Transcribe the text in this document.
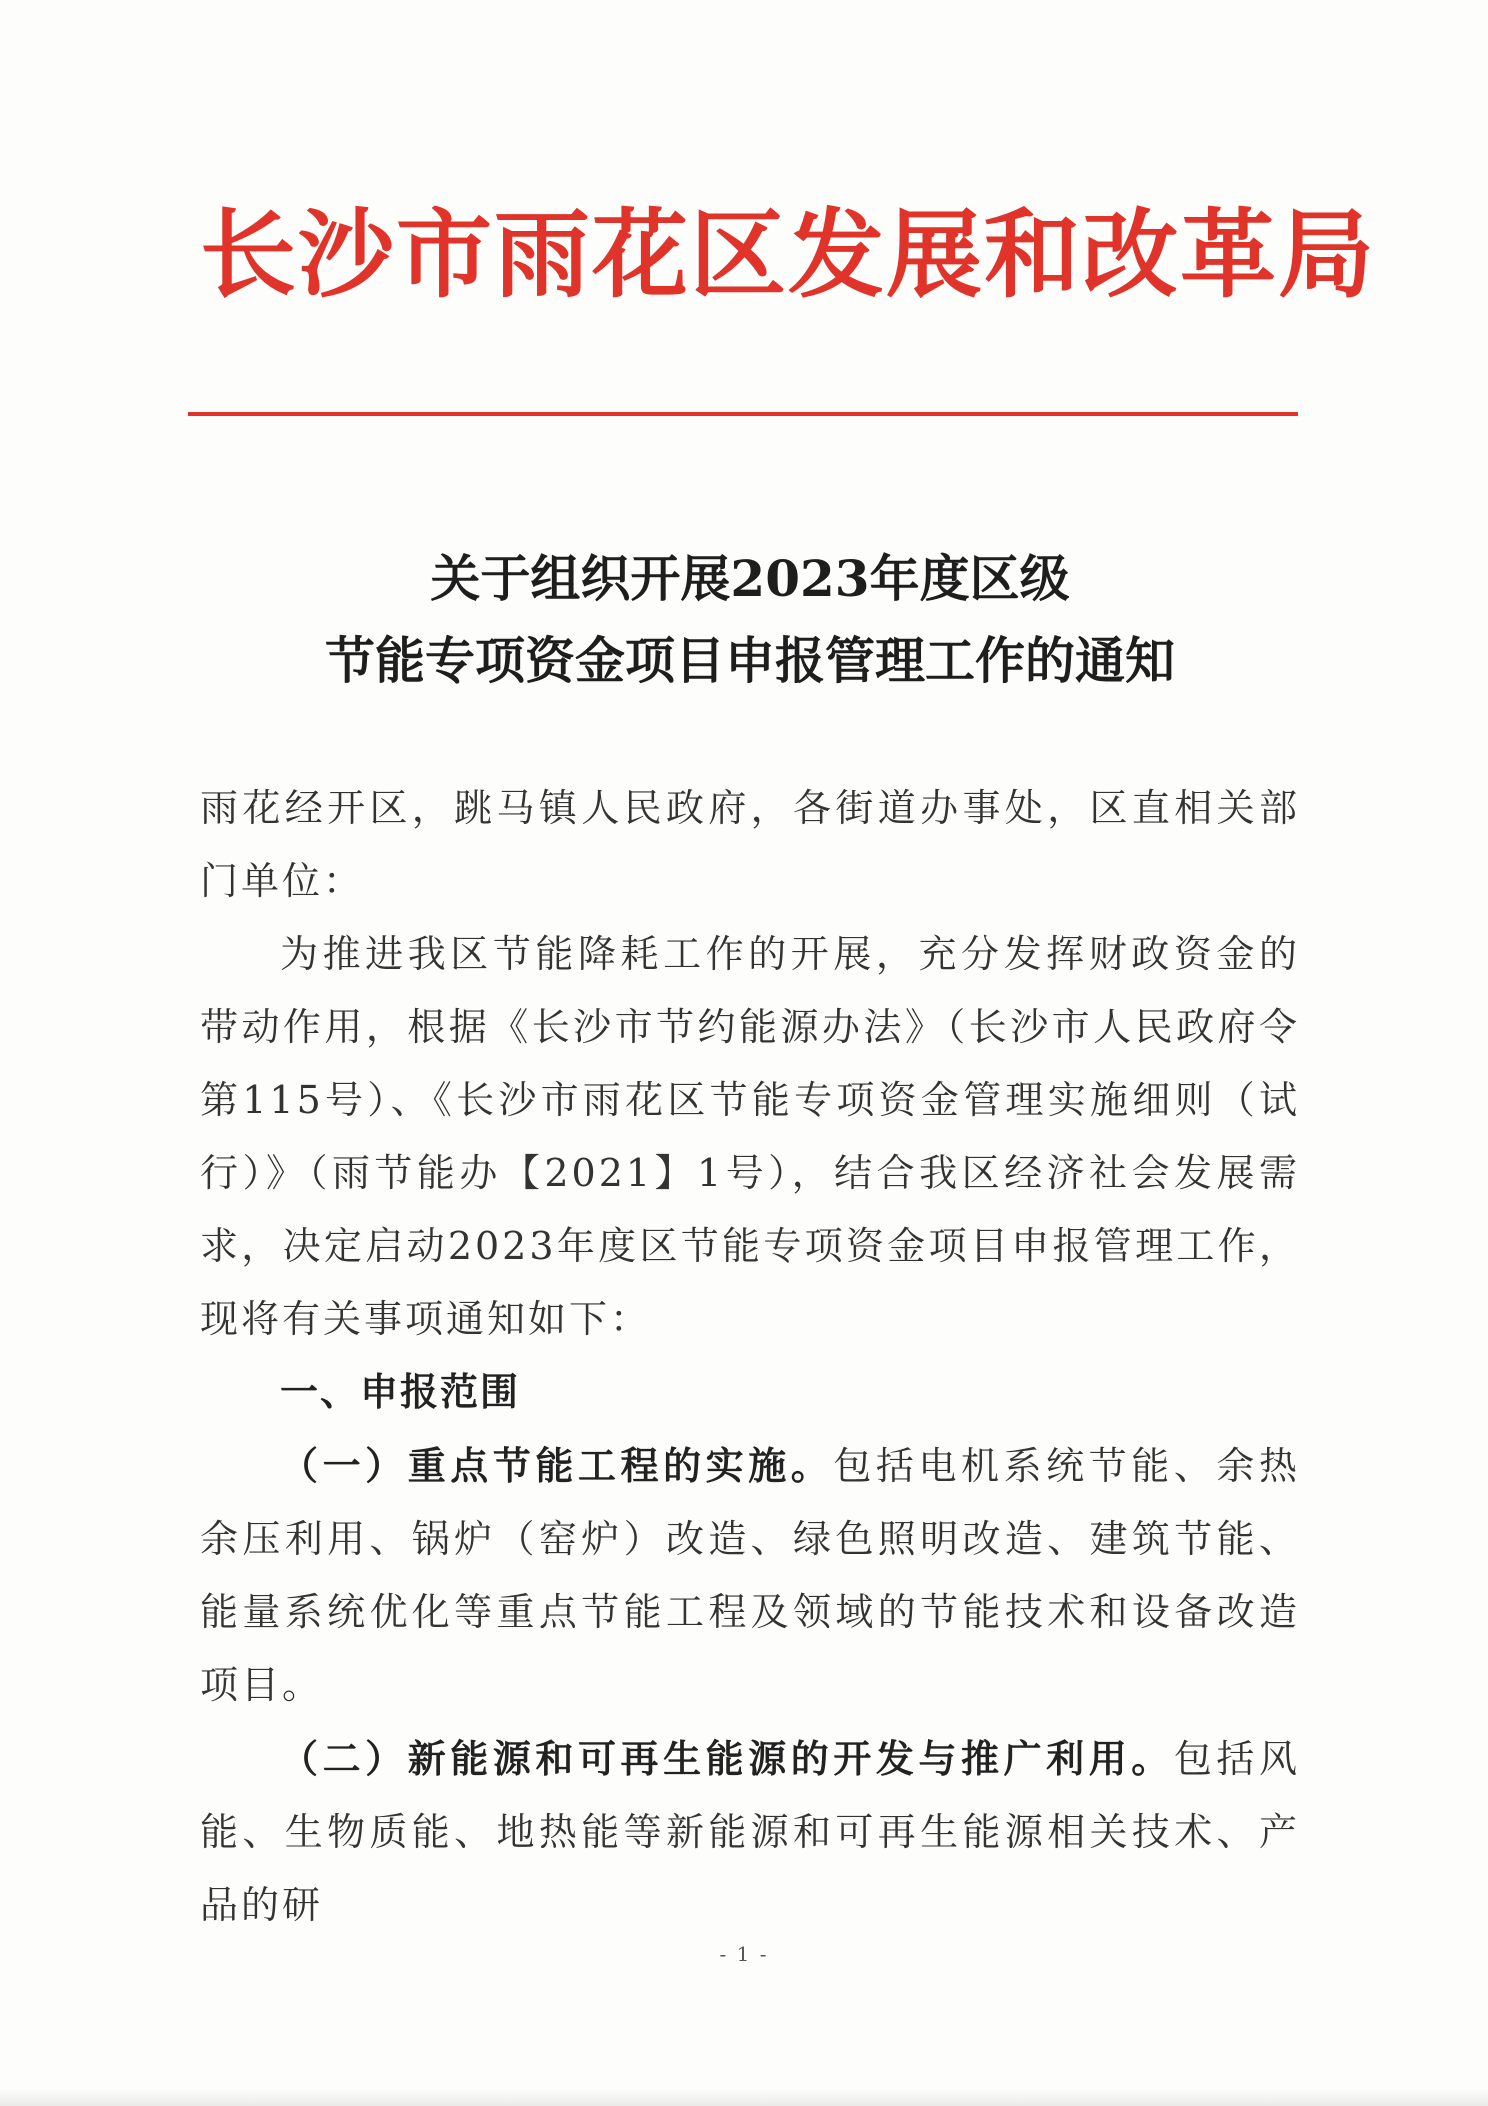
长沙市雨花区发展和改革局
关于组织开展2023年度区级
节能专项资金项目申报管理工作的通知

雨花经开区，跳马镇人民政府，各街道办事处，区直相关部门单位：

为推进我区节能降耗工作的开展，充分发挥财政资金的带动作用，根据《长沙市节约能源办法》（长沙市人民政府令第115号）、《长沙市雨花区节能专项资金管理实施细则（试行）》（雨节能办【2021】1号），结合我区经济社会发展需求，决定启动2023年度区节能专项资金项目申报管理工作，现将有关事项通知如下：

一、申报范围

（一）重点节能工程的实施。包括电机系统节能、余热余压利用、锅炉（窑炉）改造、绿色照明改造、建筑节能、能量系统优化等重点节能工程及领域的节能技术和设备改造项目。

（二）新能源和可再生能源的开发与推广利用。包括风能、生物质能、地热能等新能源和可再生能源相关技术、产品的研

- 1 -
